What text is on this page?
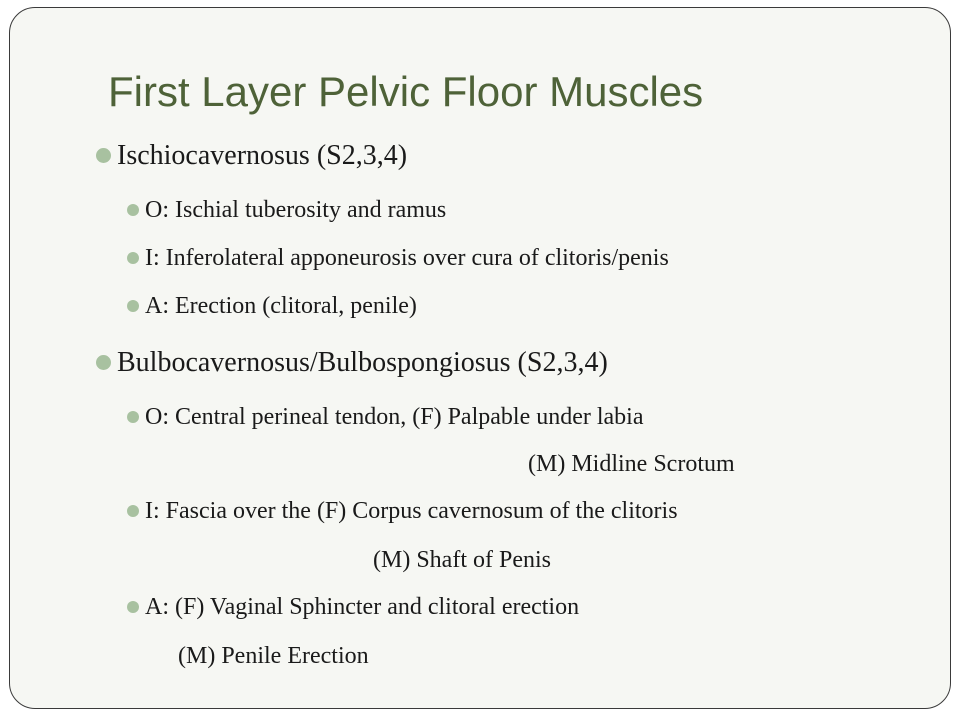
First Layer Pelvic Floor Muscles
Ischiocavernosus (S2,3,4)
O: Ischial tuberosity and ramus
I: Inferolateral apponeurosis over cura of clitoris/penis
A: Erection (clitoral, penile)
Bulbocavernosus/Bulbospongiosus (S2,3,4)
O: Central perineal tendon, (F) Palpable under labia
(M) Midline Scrotum
I: Fascia over the (F) Corpus cavernosum of the clitoris
(M) Shaft of Penis
A: (F) Vaginal Sphincter and clitoral erection
(M) Penile Erection
